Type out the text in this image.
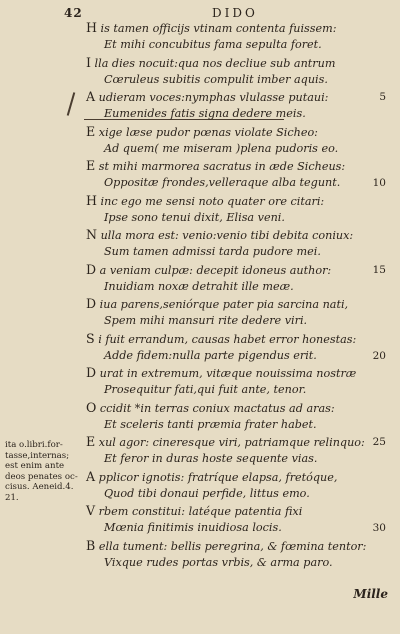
42	DIDO
H is tamen officijs vtinam contenta fuissem:
Et mihi concubitus fama sepulta foret.
I lla dies nocuit:qua nos decliue sub antrum
Cœruleus subitis compulit imber aquis.
A udieram voces:nymphas vlulasse putaui:
Eumenides fatis signa dedere meis.
E xige læse pudor pœnas violate Sicheo:
Ad quem( me miseram )plena pudoris eo.
E st mihi marmorea sacratus in æde Sicheus:
Oppositæ frondes,velleraque alba tegunt.
H inc ego me sensi noto quater ore citari:
Ipse sono tenui dixit, Elisa veni.
N ulla mora est: venio:venio tibi debita coniux:
Sum tamen admissi tarda pudore mei.
D a veniam culpæ: decepit idoneus author:
Inuidiam noxæ detrahit ille meæ.
D iua parens,seniórque pater pia sarcina nati,
Spem mihi mansuri rite dedere viri.
S i fuit errandum, causas habet error honestas:
Adde fidem:nulla parte pigendus erit.
D urat in extremum, vitæque nouissima nostræ
Prosequitur fati,qui fuit ante, tenor.
O ccidit *in terras coniux mactatus ad aras:
Et sceleris tanti præmia frater habet.
E xul agor: cineresque viri, patriamque relinquo:
Et feror in duras hoste sequente vias.
A pplicor ignotis: fratríque elapsa, fretóque,
Quod tibi donaui perfide, littus emo.
V rbem constitui: latéque patentia fixi
Mœnia finitimis inuidiosa locis.
B ella tument: bellis peregrina, & fœmina tentor:
Vixque rudes portas vrbis, & arma paro.
5
10
15
20
25
30
ita o.libri.for-
tasse,internas;
est enim ante
deos penates oc-
cisus. Aeneid.4.
21.
Mille
